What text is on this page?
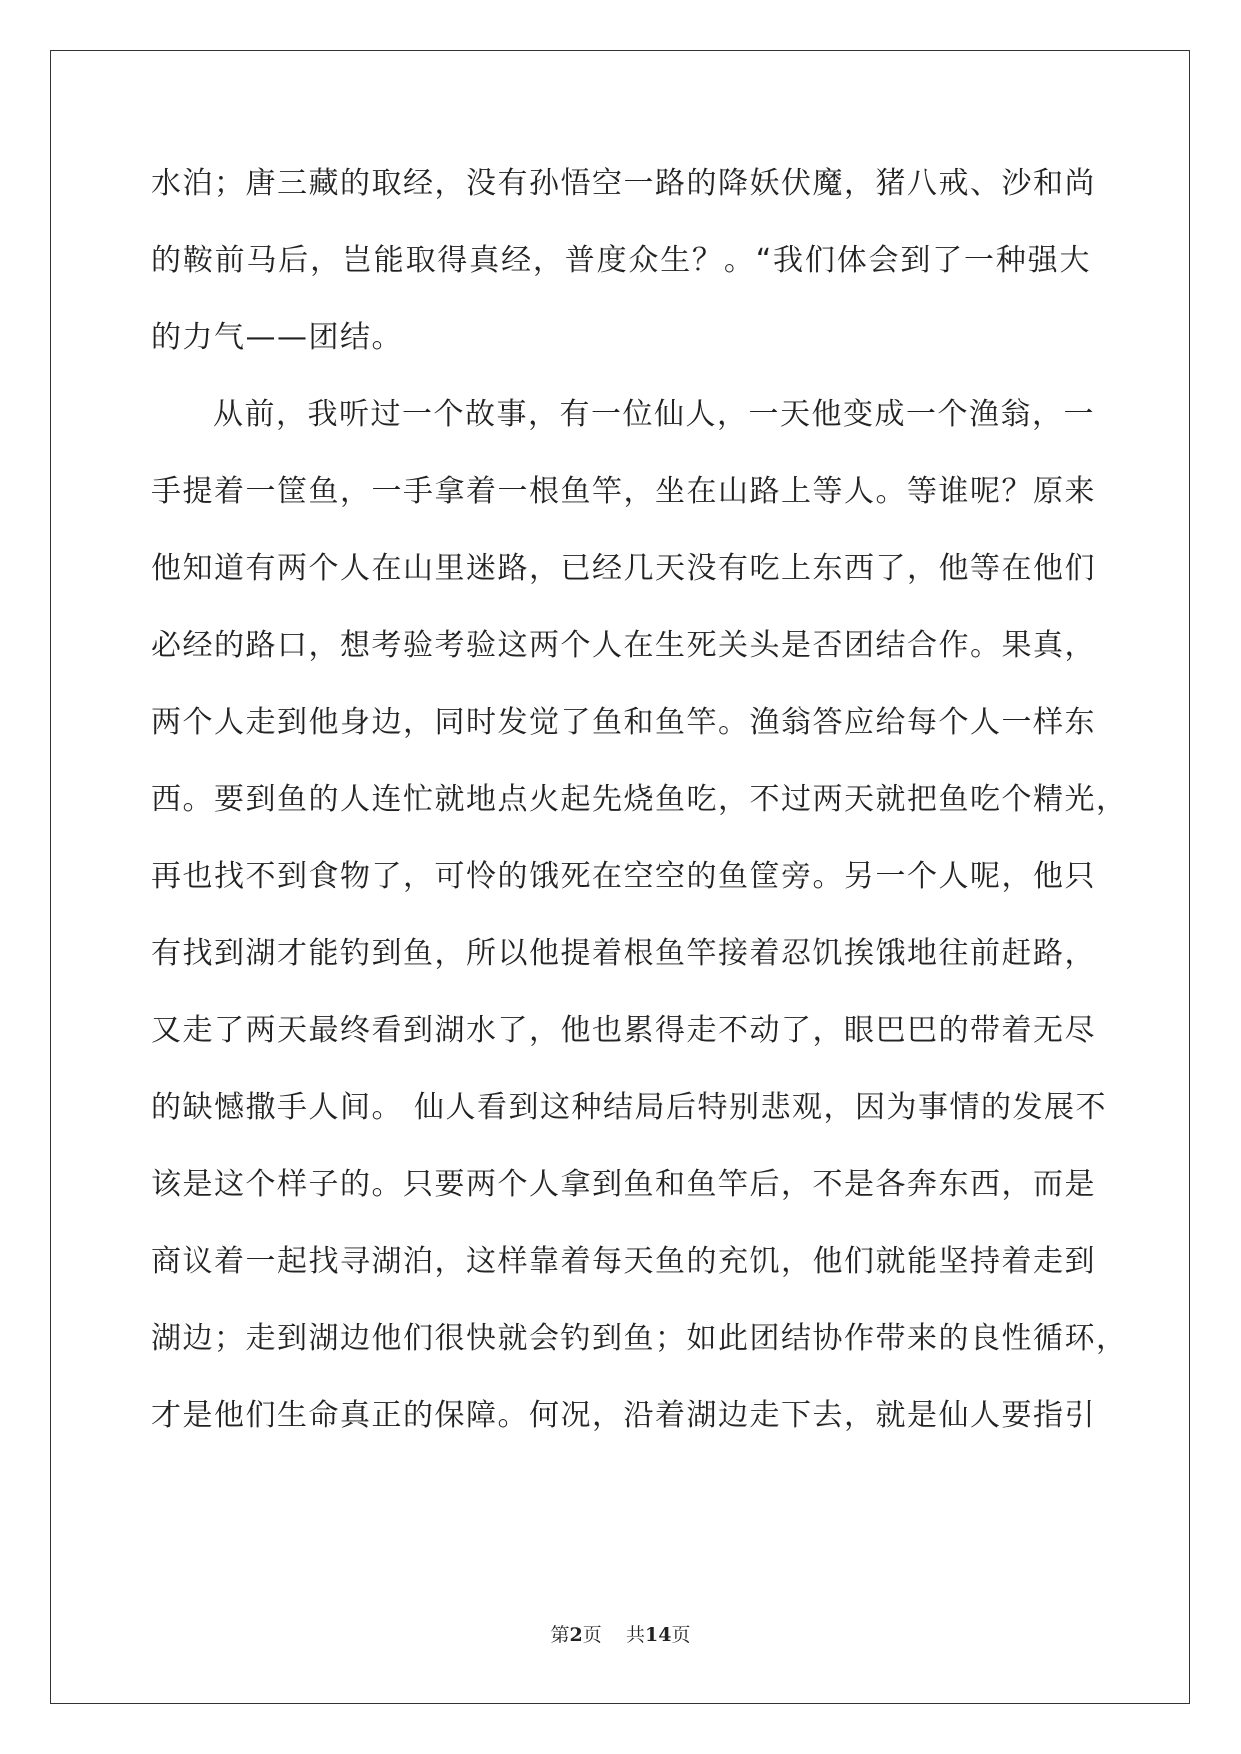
水泊；唐三藏的取经，没有孙悟空一路的降妖伏魔，猪八戒、沙和尚
的鞍前马后，岂能取得真经，普度众生？。“我们体会到了一种强大
的力气——团结。
从前，我听过一个故事，有一位仙人，一天他变成一个渔翁，一
手提着一筐鱼，一手拿着一根鱼竿，坐在山路上等人。等谁呢？原来
他知道有两个人在山里迷路，已经几天没有吃上东西了，他等在他们
必经的路口，想考验考验这两个人在生死关头是否团结合作。果真，
两个人走到他身边，同时发觉了鱼和鱼竿。渔翁答应给每个人一样东
西。要到鱼的人连忙就地点火起先烧鱼吃，不过两天就把鱼吃个精光，
再也找不到食物了，可怜的饿死在空空的鱼筐旁。另一个人呢，他只
有找到湖才能钓到鱼，所以他提着根鱼竿接着忍饥挨饿地往前赶路，
又走了两天最终看到湖水了，他也累得走不动了，眼巴巴的带着无尽
的缺憾撒手人间。 仙人看到这种结局后特别悲观，因为事情的发展不
该是这个样子的。只要两个人拿到鱼和鱼竿后，不是各奔东西，而是
商议着一起找寻湖泊，这样靠着每天鱼的充饥，他们就能坚持着走到
湖边；走到湖边他们很快就会钓到鱼；如此团结协作带来的良性循环，
才是他们生命真正的保障。何况，沿着湖边走下去，就是仙人要指引
第2页 共14页
